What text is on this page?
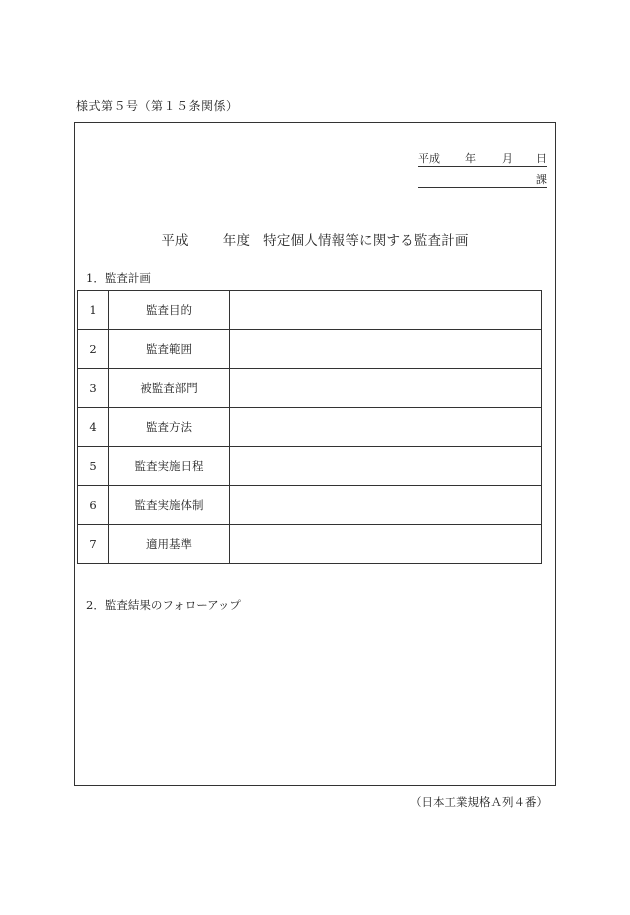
様式第５号（第１５条関係）
平成 年 月 日
課
平成	年度 特定個人情報等に関する監査計画
1．監査計画
1	監査目的	
2	監査範囲	
3	被監査部門	
4	監査方法	
5	監査実施日程	
6	監査実施体制	
7	適用基準	
2．監査結果のフォローアップ
（日本工業規格Ａ列４番）
